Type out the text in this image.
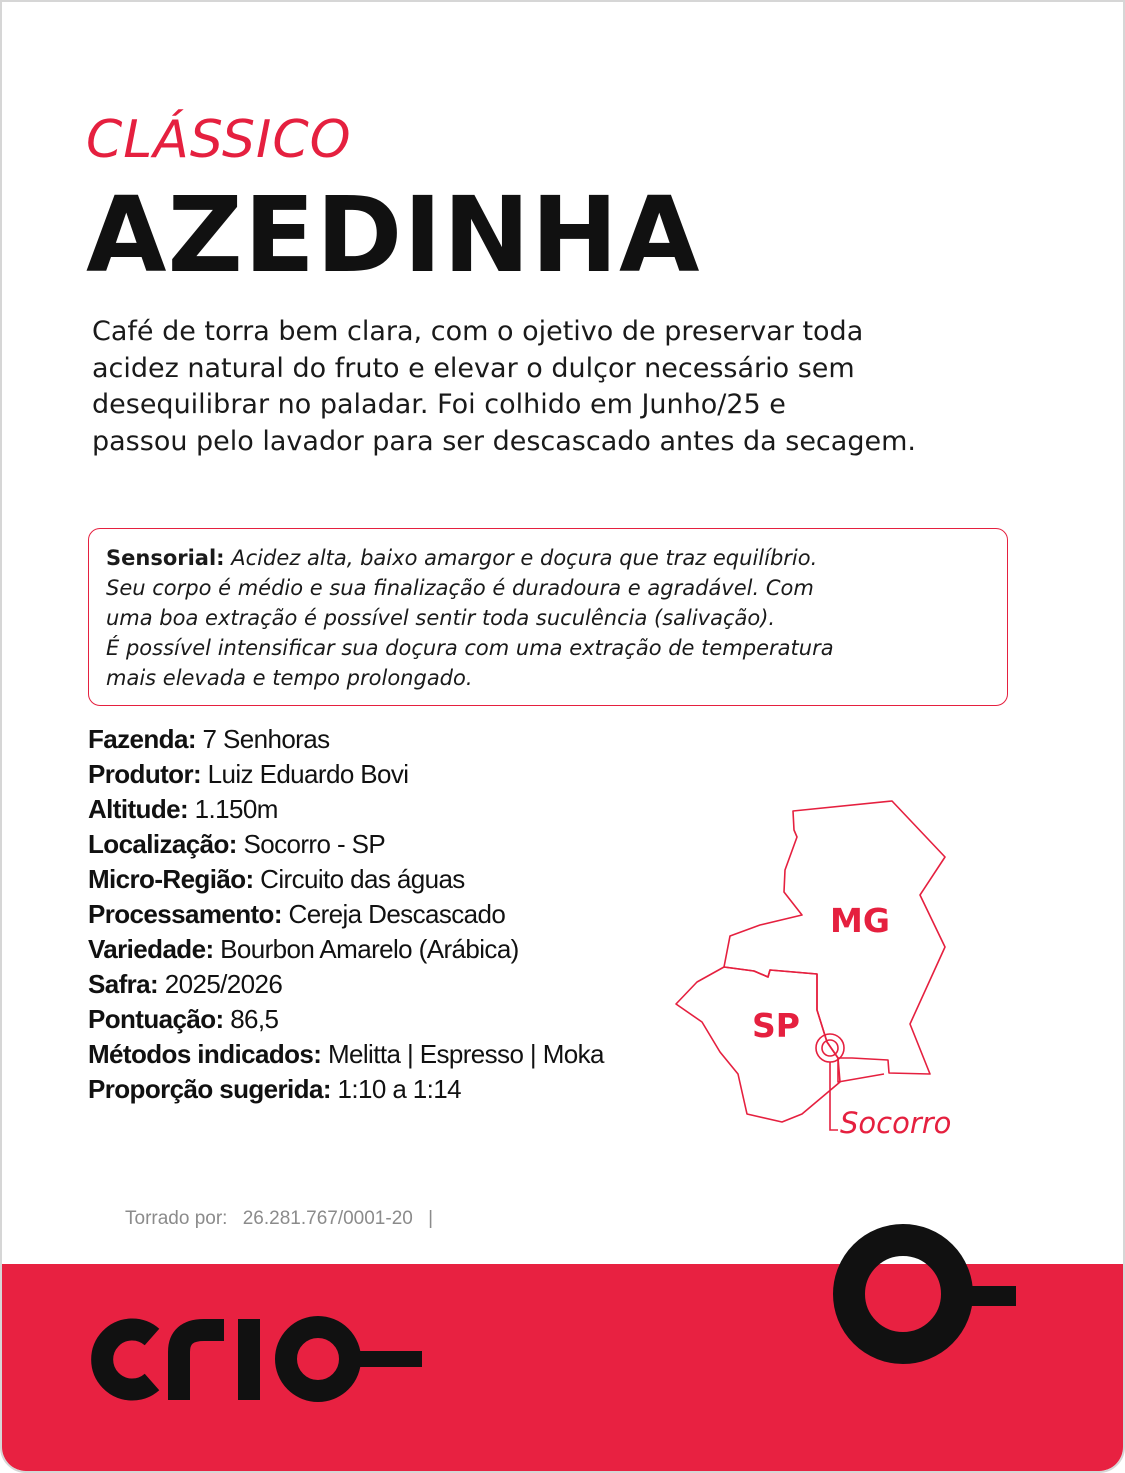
CLÁSSICO
AZEDINHA
Café de torra bem clara, com o ojetivo de preservar toda
acidez natural do fruto e elevar o dulçor necessário sem
desequilibrar no paladar. Foi colhido em Junho/25 e
passou pelo lavador para ser descascado antes da secagem.
Sensorial: Acidez alta, baixo amargor e doçura que traz equilíbrio.
Seu corpo é médio e sua finalização é duradoura e agradável. Com
uma boa extração é possível sentir toda suculência (salivação).
É possível intensificar sua doçura com uma extração de temperatura
mais elevada e tempo prolongado.
Fazenda: 7 Senhoras
Produtor: Luiz Eduardo Bovi
Altitude: 1.150m
Localização: Socorro - SP
Micro-Região: Circuito das águas
Processamento: Cereja Descascado
Variedade: Bourbon Amarelo (Arábica)
Safra: 2025/2026
Pontuação: 86,5
Métodos indicados: Melitta | Espresso | Moka
Proporção sugerida: 1:10 a 1:14
MG
SP
Socorro
Torrado por: 26.281.767/0001-20 |
